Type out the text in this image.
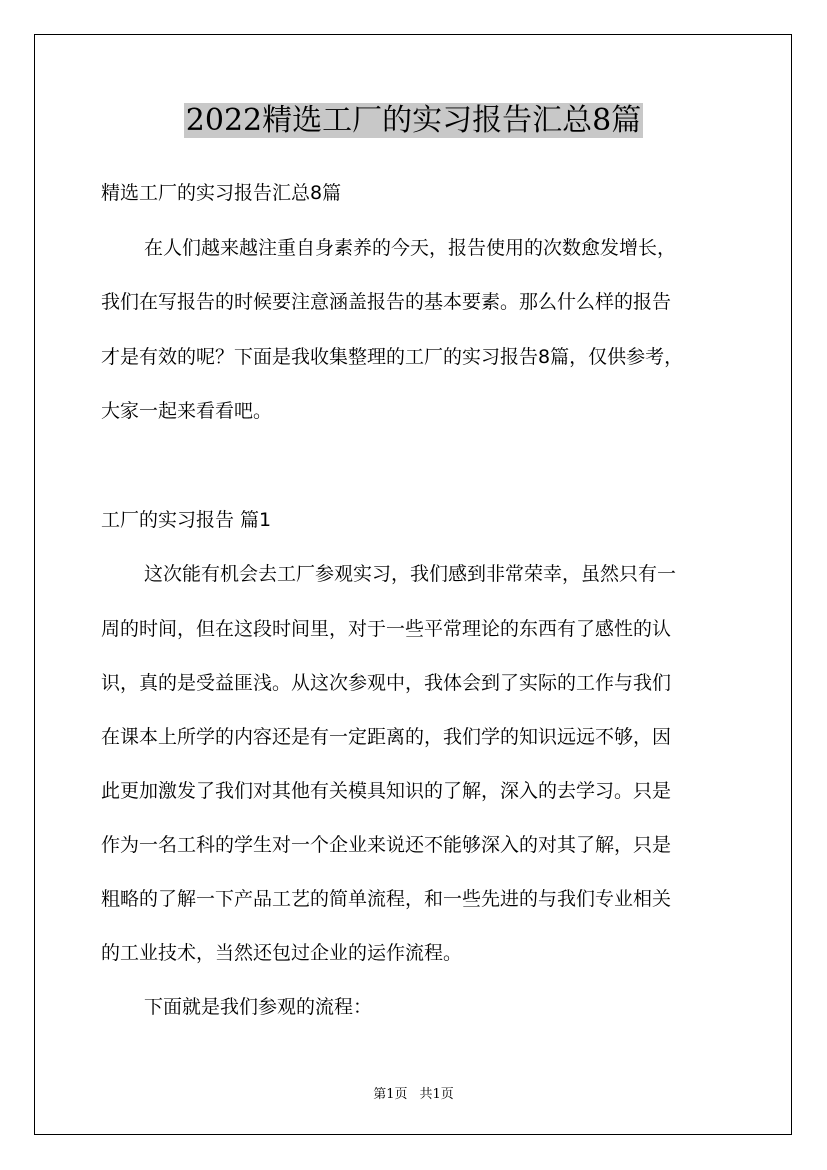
2022精选工厂的实习报告汇总8篇
精选工厂的实习报告汇总8篇
在人们越来越注重自身素养的今天，报告使用的次数愈发增长，
我们在写报告的时候要注意涵盖报告的基本要素。那么什么样的报告
才是有效的呢？下面是我收集整理的工厂的实习报告8篇，仅供参考，
大家一起来看看吧。
工厂的实习报告 篇1
这次能有机会去工厂参观实习，我们感到非常荣幸，虽然只有一
周的时间，但在这段时间里，对于一些平常理论的东西有了感性的认
识，真的是受益匪浅。从这次参观中，我体会到了实际的工作与我们
在课本上所学的内容还是有一定距离的，我们学的知识远远不够，因
此更加激发了我们对其他有关模具知识的了解，深入的去学习。只是
作为一名工科的学生对一个企业来说还不能够深入的对其了解，只是
粗略的了解一下产品工艺的简单流程，和一些先进的与我们专业相关
的工业技术，当然还包过企业的运作流程。
下面就是我们参观的流程：
第1页 共1页
